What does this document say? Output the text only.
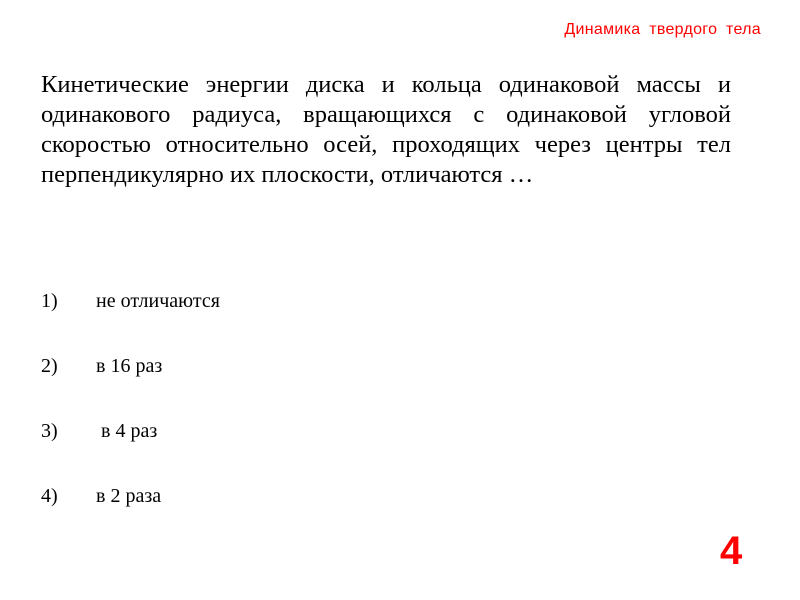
Динамика твердого тела
Кинетические энергии диска и кольца одинаковой массы и одинакового радиуса, вращающихся с одинаковой угловой скоростью относительно осей, проходящих через центры тел перпендикулярно их плоскости, отличаются …
1)	не отличаются
2)	в 16 раз
3)	в 4 раз
4)	в 2 раза
4
